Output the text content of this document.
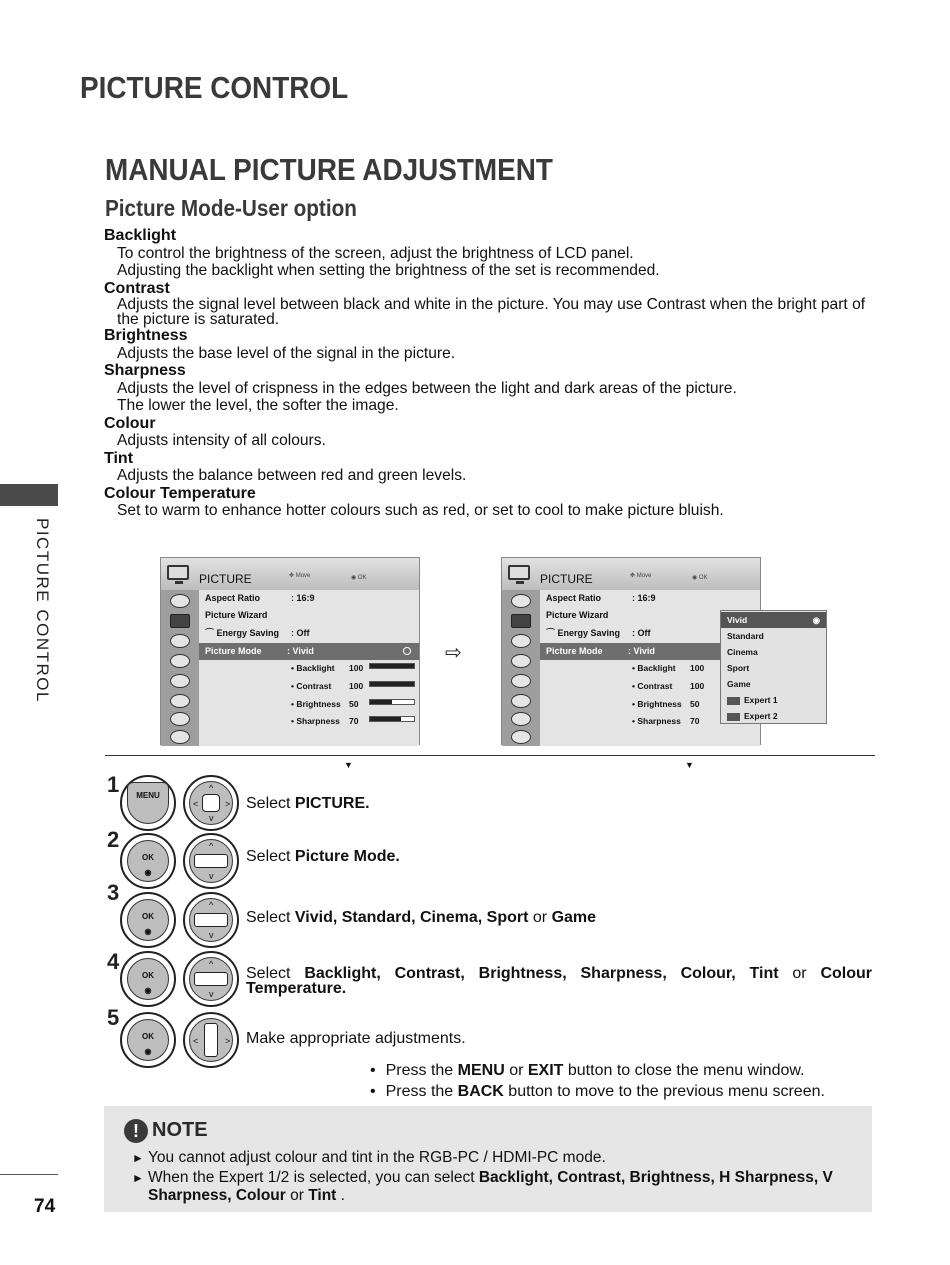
PICTURE CONTROL
MANUAL PICTURE ADJUSTMENT
Picture Mode-User option
Backlight
To control the brightness of the screen, adjust the brightness of LCD panel.
Adjusting the backlight when setting the brightness of the set is recommended.
Contrast
Adjusts the signal level between black and white in the picture. You may use Contrast when the bright part of the picture is saturated.
Brightness
Adjusts the base level of the signal in the picture.
Sharpness
Adjusts the level of crispness in the edges between the light and dark areas of the picture.
The lower the level, the softer the image.
Colour
Adjusts intensity of all colours.
Tint
Adjusts the balance between red and green levels.
Colour Temperature
Set to warm to enhance hotter colours such as red, or set to cool to make picture bluish.
PICTURE CONTROL
74
PICTURE	✥ Move	◉ OK
Aspect Ratio	: 16:9
Picture Wizard
⌒ Energy Saving : Off
Picture Mode	: Vivid
• Backlight 100
• Contrast 100
• Brightness 50
• Sharpness 70
▼
⇨
PICTURE	✥ Move	◉ OK
Aspect Ratio	: 16:9
Picture Wizard
⌒ Energy Saving : Off
Picture Mode	: Vivid
• Backlight 100
• Contrast 100
• Brightness 50
• Sharpness 70
▼
Vivid	◉
Standard
Cinema
Sport
Game
Expert 1
Expert 2
1	MENU
^
<	>
v
Select PICTURE.
2
OK
◉
^
v
Select Picture Mode.
3
OK
◉
^
v
Select Vivid, Standard, Cinema, Sport or Game
4
OK
◉
^
v
Select Backlight, Contrast, Brightness, Sharpness, Colour, Tint or Colour Temperature.
5
OK
◉
<	> Make appropriate adjustments.
• Press the MENU or EXIT button to close the menu window.
• Press the BACK button to move to the previous menu screen.
! NOTE
► You cannot adjust colour and tint in the RGB-PC / HDMI-PC mode.
► When the Expert 1/2 is selected, you can select Backlight, Contrast, Brightness, H Sharpness, V Sharpness, Colour or Tint .
